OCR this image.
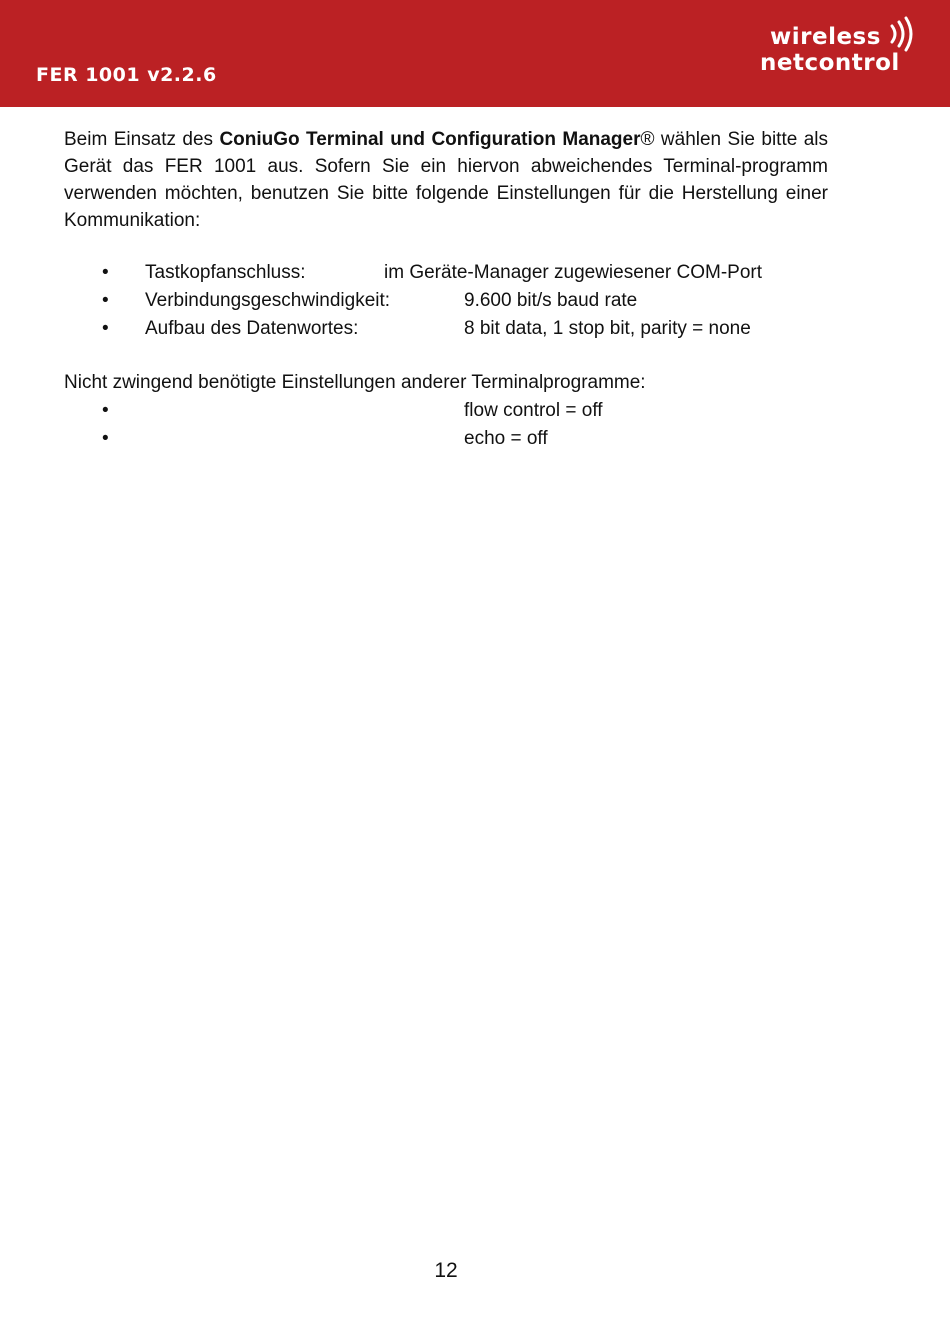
FER 1001 v2.2.6
wireless
netcontrol

Beim Einsatz des ConiuGo Terminal und Configuration Manager® wählen Sie bitte als Gerät das FER 1001 aus. Sofern Sie ein hiervon abweichendes Terminal-programm verwenden möchten, benutzen Sie bitte folgende Einstellungen für die Herstellung einer Kommunikation:

• Tastkopfanschluss:	im Geräte-Manager zugewiesener COM-Port
• Verbindungsgeschwindigkeit:	9.600 bit/s baud rate
• Aufbau des Datenwortes:	8 bit data, 1 stop bit, parity = none
Nicht zwingend benötigte Einstellungen anderer Terminalprogramme:
•	flow control = off
•	echo = off
12
